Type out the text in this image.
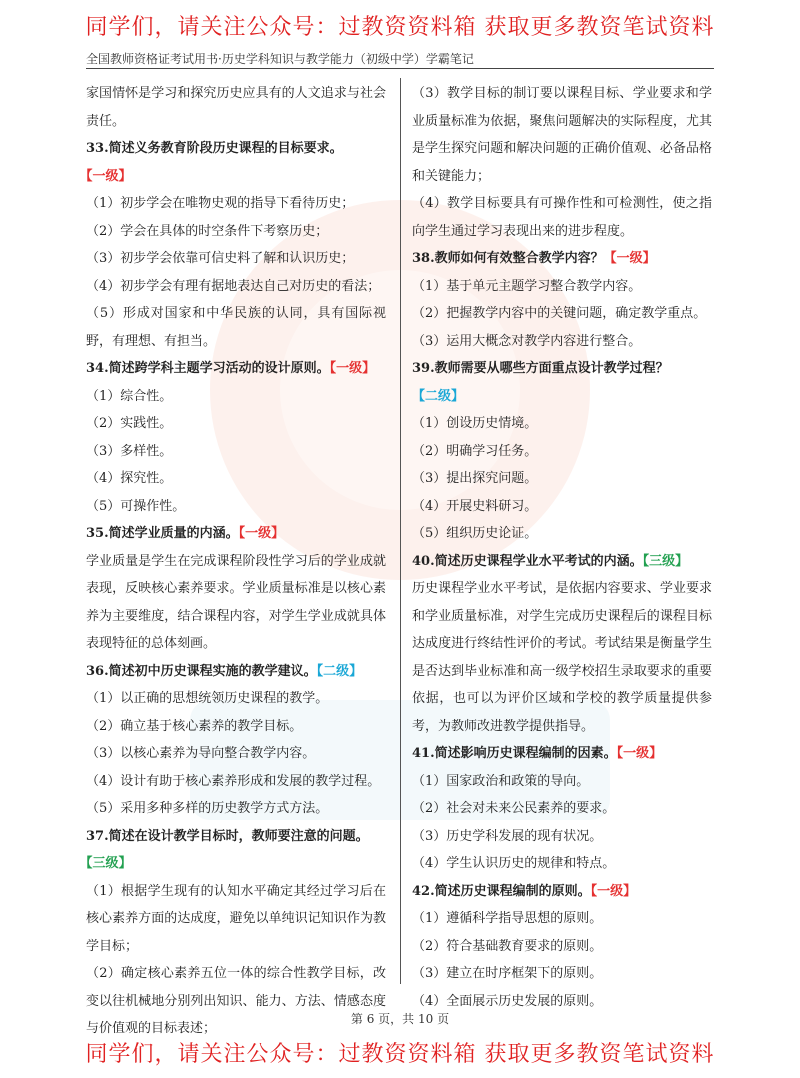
同学们，请关注公众号：过教资资料箱 获取更多教资笔试资料
全国教师资格证考试用书·历史学科知识与教学能力（初级中学）学霸笔记
家国情怀是学习和探究历史应具有的人文追求与社会责任。
33.简述义务教育阶段历史课程的目标要求。【一级】
（1）初步学会在唯物史观的指导下看待历史；
（2）学会在具体的时空条件下考察历史；
（3）初步学会依靠可信史料了解和认识历史；
（4）初步学会有理有据地表达自己对历史的看法；
（5）形成对国家和中华民族的认同，具有国际视野，有理想、有担当。
34.简述跨学科主题学习活动的设计原则。【一级】
（1）综合性。
（2）实践性。
（3）多样性。
（4）探究性。
（5）可操作性。
35.简述学业质量的内涵。【一级】
学业质量是学生在完成课程阶段性学习后的学业成就表现，反映核心素养要求。学业质量标准是以核心素养为主要维度，结合课程内容，对学生学业成就具体表现特征的总体刻画。
36.简述初中历史课程实施的教学建议。【二级】
（1）以正确的思想统领历史课程的教学。
（2）确立基于核心素养的教学目标。
（3）以核心素养为导向整合教学内容。
（4）设计有助于核心素养形成和发展的教学过程。
（5）采用多种多样的历史教学方式方法。
37.简述在设计教学目标时，教师要注意的问题。【三级】
（1）根据学生现有的认知水平确定其经过学习后在核心素养方面的达成度，避免以单纯识记知识作为教学目标；
（2）确定核心素养五位一体的综合性教学目标，改变以往机械地分别列出知识、能力、方法、情感态度与价值观的目标表述；
（3）教学目标的制订要以课程目标、学业要求和学业质量标准为依据，聚焦问题解决的实际程度，尤其是学生探究问题和解决问题的正确价值观、必备品格和关键能力；
（4）教学目标要具有可操作性和可检测性，使之指向学生通过学习表现出来的进步程度。
38.教师如何有效整合教学内容？【一级】
（1）基于单元主题学习整合教学内容。
（2）把握教学内容中的关键问题，确定教学重点。
（3）运用大概念对教学内容进行整合。
39.教师需要从哪些方面重点设计教学过程？【二级】
（1）创设历史情境。
（2）明确学习任务。
（3）提出探究问题。
（4）开展史料研习。
（5）组织历史论证。
40.简述历史课程学业水平考试的内涵。【三级】
历史课程学业水平考试，是依据内容要求、学业要求和学业质量标准，对学生完成历史课程后的课程目标达成度进行终结性评价的考试。考试结果是衡量学生是否达到毕业标准和高一级学校招生录取要求的重要依据，也可以为评价区域和学校的教学质量提供参考，为教师改进教学提供指导。
41.简述影响历史课程编制的因素。【一级】
（1）国家政治和政策的导向。
（2）社会对未来公民素养的要求。
（3）历史学科发展的现有状况。
（4）学生认识历史的规律和特点。
42.简述历史课程编制的原则。【一级】
（1）遵循科学指导思想的原则。
（2）符合基础教育要求的原则。
（3）建立在时序框架下的原则。
（4）全面展示历史发展的原则。
第 6 页，共 10 页
同学们，请关注公众号：过教资资料箱 获取更多教资笔试资料
